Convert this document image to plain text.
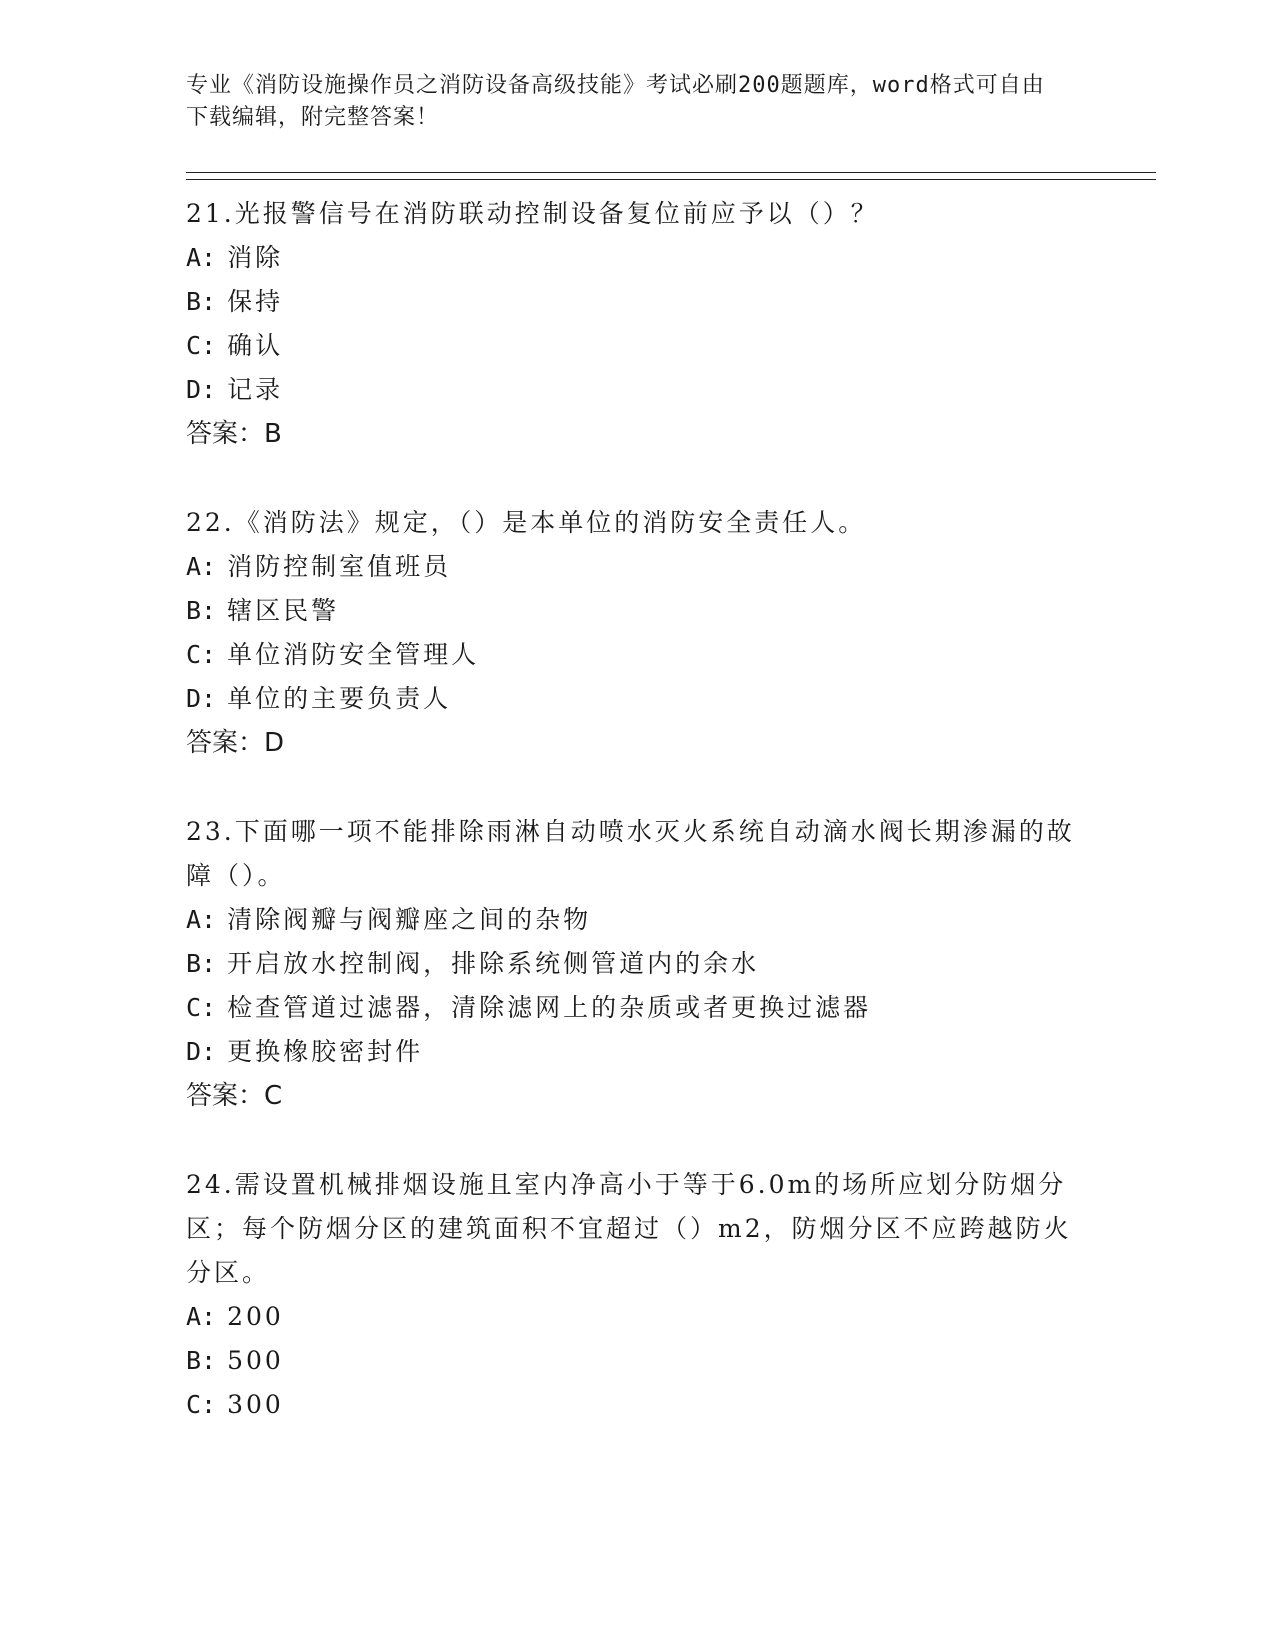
专业《消防设施操作员之消防设备高级技能》考试必刷200题题库，word格式可自由下载编辑，附完整答案！

21.光报警信号在消防联动控制设备复位前应予以（）？

A: 消除

B: 保持

C: 确认

D: 记录

答案：B

22.《消防法》规定，（）是本单位的消防安全责任人。

A: 消防控制室值班员

B: 辖区民警

C: 单位消防安全管理人

D: 单位的主要负责人

答案：D

23.下面哪一项不能排除雨淋自动喷水灭火系统自动滴水阀长期渗漏的故障（）。

A: 清除阀瓣与阀瓣座之间的杂物

B: 开启放水控制阀，排除系统侧管道内的余水

C: 检查管道过滤器，清除滤网上的杂质或者更换过滤器

D: 更换橡胶密封件

答案：C

24.需设置机械排烟设施且室内净高小于等于6.0m的场所应划分防烟分区；每个防烟分区的建筑面积不宜超过（）m2，防烟分区不应跨越防火分区。

A: 200

B: 500

C: 300
